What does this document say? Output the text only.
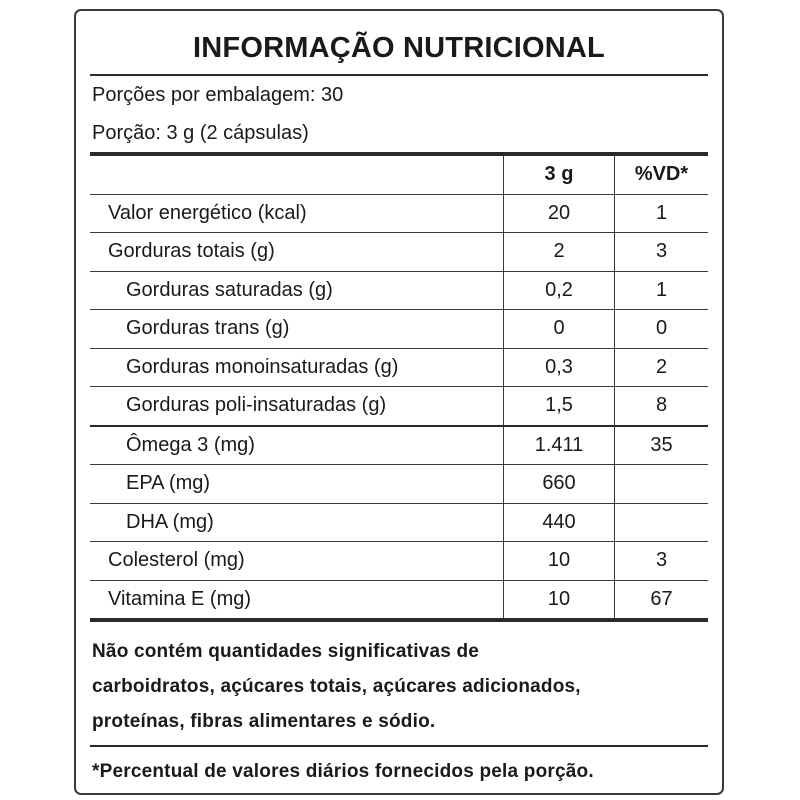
INFORMAÇÃO NUTRICIONAL
Porções por embalagem: 30
Porção: 3 g (2 cápsulas)
	3 g	%VD*
Valor energético (kcal)	20	1
Gorduras totais (g)	2	3
Gorduras saturadas (g)	0,2	1
Gorduras trans (g)	0	0
Gorduras monoinsaturadas (g)	0,3	2
Gorduras poli-insaturadas (g)	1,5	8
Ômega 3 (mg)	1.411	35
EPA (mg)	660	
DHA (mg)	440	
Colesterol (mg)	10	3
Vitamina E (mg)	10	67
Não contém quantidades significativas de
carboidratos, açúcares totais, açúcares adicionados,
proteínas, fibras alimentares e sódio.
*Percentual de valores diários fornecidos pela porção.
